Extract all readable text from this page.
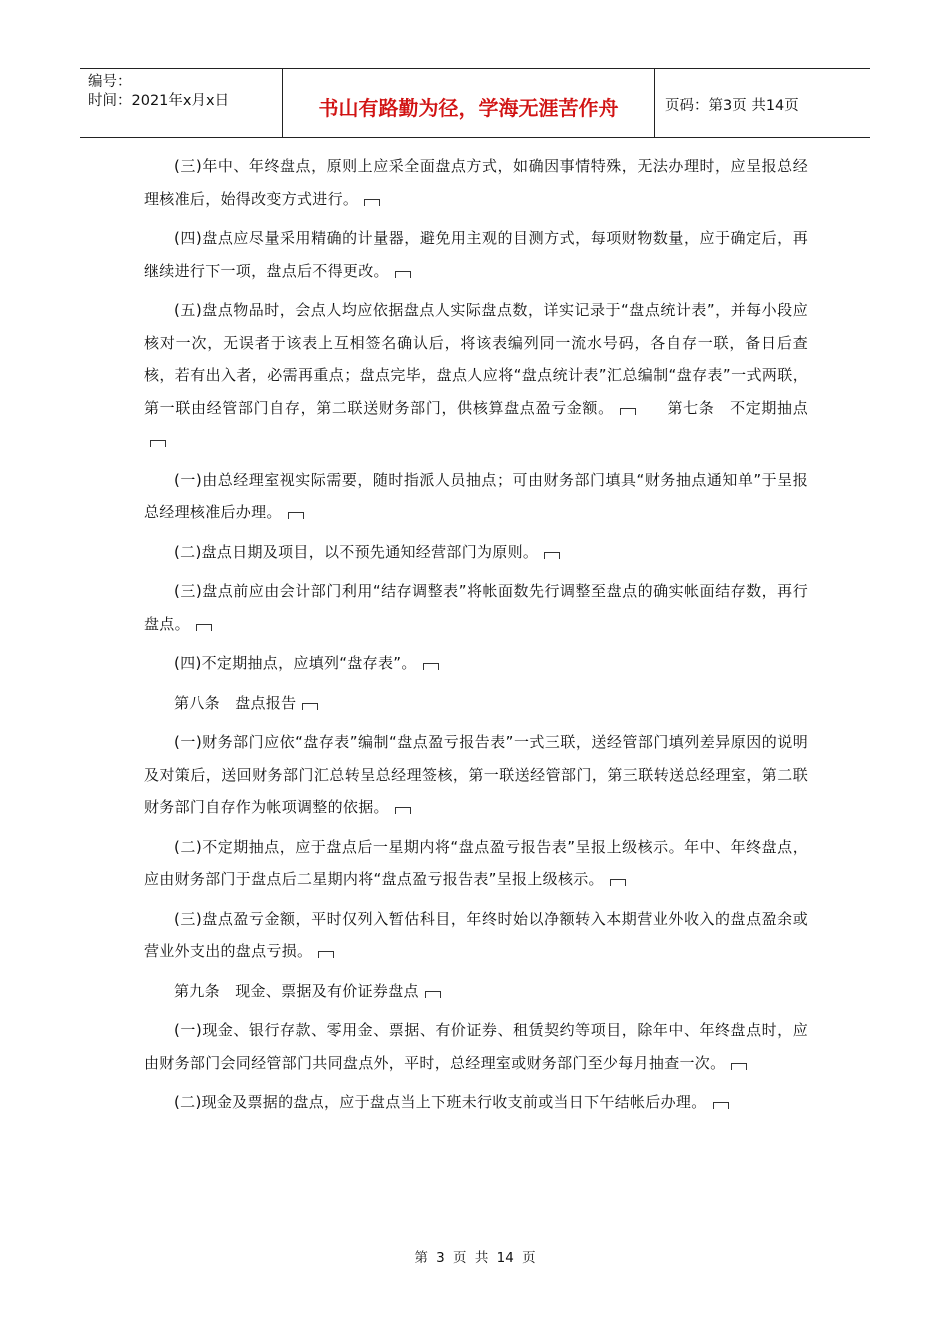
编号：
时间：2021年x月x日	书山有路勤为径，学海无涯苦作舟	页码：第3页 共14页

(三)年中、年终盘点，原则上应采全面盘点方式，如确因事情特殊，无法办理时，应呈报总经理核准后，始得改变方式进行。

(四)盘点应尽量采用精确的计量器，避免用主观的目测方式，每项财物数量，应于确定后，再继续进行下一项，盘点后不得更改。

(五)盘点物品时，会点人均应依据盘点人实际盘点数，详实记录于“盘点统计表”，并每小段应核对一次，无误者于该表上互相签名确认后，将该表编列同一流水号码，各自存一联，备日后查核，若有出入者，必需再重点；盘点完毕，盘点人应将“盘点统计表”汇总编制“盘存表”一式两联，第一联由经管部门自存，第二联送财务部门，供核算盘点盈亏金额。　　	第七条　不定期抽点

(一)由总经理室视实际需要，随时指派人员抽点；可由财务部门填具“财务抽点通知单”于呈报总经理核准后办理。

(二)盘点日期及项目，以不预先通知经营部门为原则。

(三)盘点前应由会计部门利用“结存调整表”将帐面数先行调整至盘点的确实帐面结存数，再行盘点。

(四)不定期抽点，应填列“盘存表”。

第八条　盘点报告

(一)财务部门应依“盘存表”编制“盘点盈亏报告表”一式三联，送经管部门填列差异原因的说明及对策后，送回财务部门汇总转呈总经理签核，第一联送经管部门，第三联转送总经理室，第二联财务部门自存作为帐项调整的依据。

(二)不定期抽点，应于盘点后一星期内将“盘点盈亏报告表”呈报上级核示。年中、年终盘点，应由财务部门于盘点后二星期内将“盘点盈亏报告表”呈报上级核示。

(三)盘点盈亏金额，平时仅列入暂估科目，年终时始以净额转入本期营业外收入的盘点盈余或营业外支出的盘点亏损。

第九条　现金、票据及有价证券盘点

(一)现金、银行存款、零用金、票据、有价证券、租赁契约等项目，除年中、年终盘点时，应由财务部门会同经管部门共同盘点外，平时，总经理室或财务部门至少每月抽查一次。

(二)现金及票据的盘点，应于盘点当上下班未行收支前或当日下午结帐后办理。

第 3 页 共 14 页
